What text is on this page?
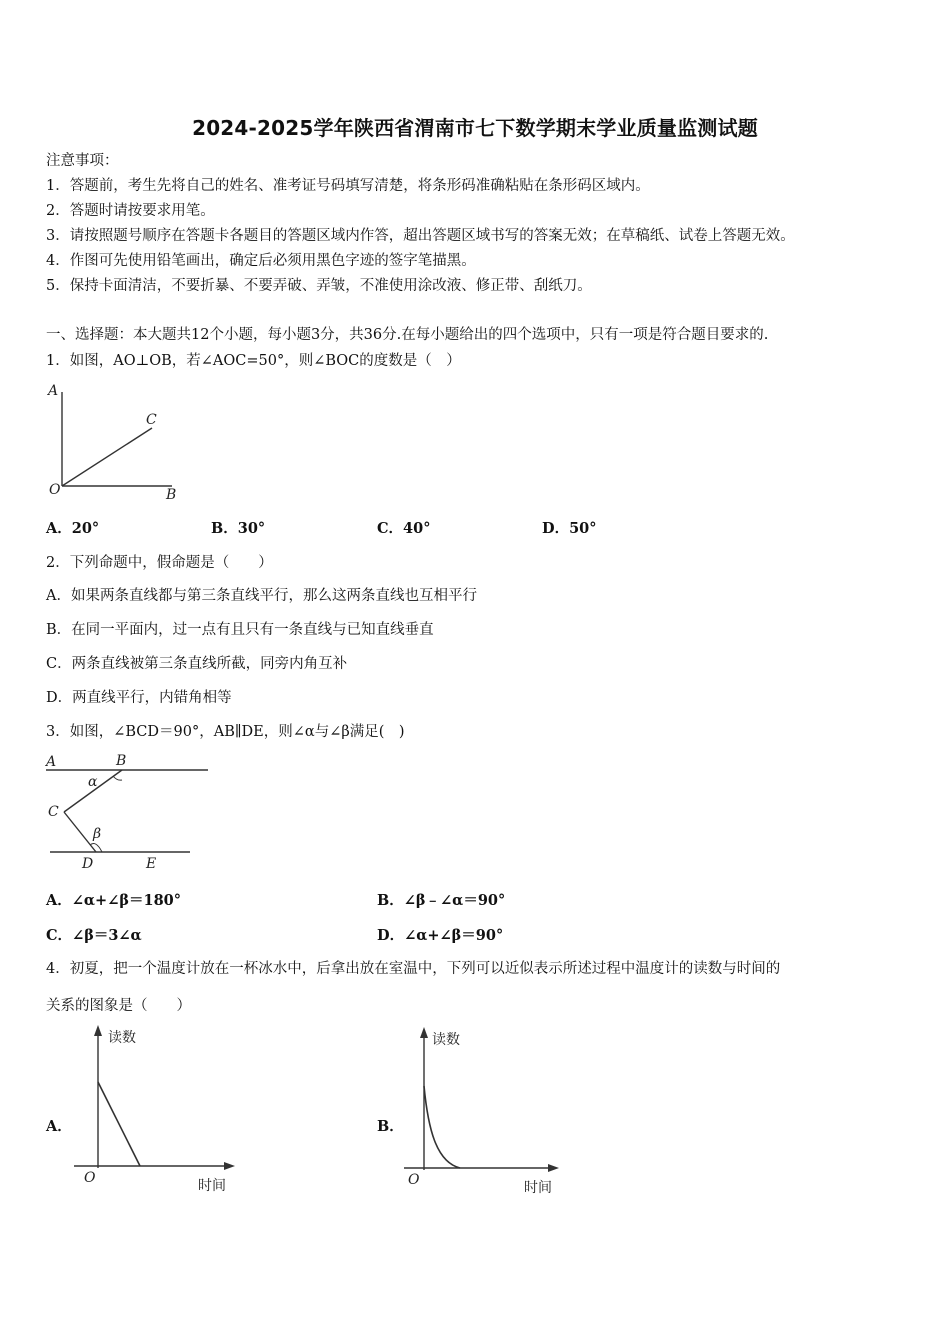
2024-2025学年陕西省渭南市七下数学期末学业质量监测试题
注意事项：
1．答题前，考生先将自己的姓名、准考证号码填写清楚，将条形码准确粘贴在条形码区域内。
2．答题时请按要求用笔。
3．请按照题号顺序在答题卡各题目的答题区域内作答，超出答题区域书写的答案无效；在草稿纸、试卷上答题无效。
4．作图可先使用铅笔画出，确定后必须用黑色字迹的签字笔描黑。
5．保持卡面清洁，不要折暴、不要弄破、弄皱，不准使用涂改液、修正带、刮纸刀。
一、选择题：本大题共12个小题，每小题3分，共36分.在每小题给出的四个选项中，只有一项是符合题目要求的.
1．如图，AO⊥OB，若∠AOC=50°，则∠BOC的度数是（　）
A
C
O	B
A．20°	B．30°	C．40°	D．50°
2．下列命题中，假命题是（　　）
A．如果两条直线都与第三条直线平行，那么这两条直线也互相平行
B．在同一平面内，过一点有且只有一条直线与已知直线垂直
C．两条直线被第三条直线所截，同旁内角互补
D．两直线平行，内错角相等
3．如图，∠BCD＝90°，AB∥DE，则∠α与∠β满足(　)
A	B
α
C
β
D	E
A．∠α+∠β＝180°	B．∠β﹣∠α＝90°
C．∠β＝3∠α	D．∠α+∠β＝90°
4．初夏，把一个温度计放在一杯冰水中，后拿出放在室温中，下列可以近似表示所述过程中温度计的读数与时间的
关系的图象是（　　）
A．
读数
O	时间
B．
读数
O	时间
